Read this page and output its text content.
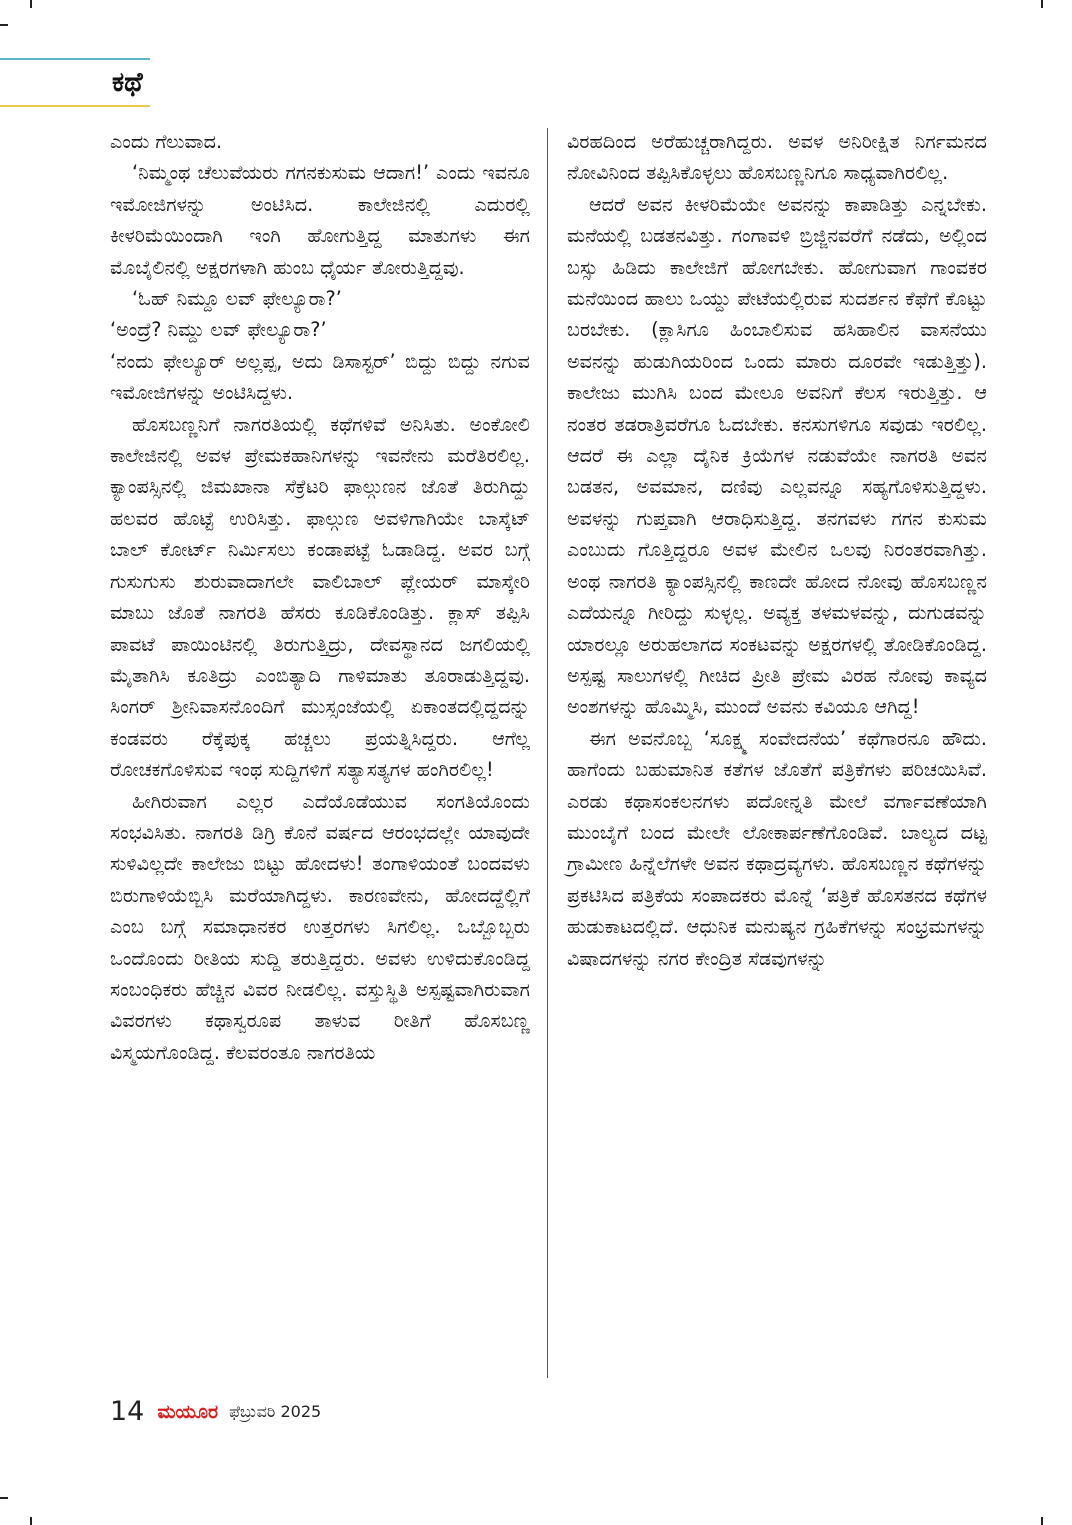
ಕಥೆ

ಎಂದು ಗೆಲುವಾದ.

‘ನಿಮ್ಮಂಥ ಚೆಲುವೆಯರು ಗಗನಕುಸುಮ ಆದಾಗ!’ ಎಂದು ಇವನೂ ಇಮೋಜಿಗಳನ್ನು ಅಂಟಿಸಿದ. ಕಾಲೇಜಿನಲ್ಲಿ ಎದುರಲ್ಲಿ ಕೀಳರಿಮೆಯಿಂದಾಗಿ ಇಂಗಿ ಹೋಗುತ್ತಿದ್ದ ಮಾತುಗಳು ಈಗ ಮೊಬೈಲಿನಲ್ಲಿ ಅಕ್ಷರಗಳಾಗಿ ಹುಂಬ ಧೈರ್ಯ ತೋರುತ್ತಿದ್ದವು.

‘ಓಹ್ ನಿಮ್ದೂ ಲವ್ ಫೇಲ್ಯೂರಾ?’

‘ಅಂದ್ರೆ? ನಿಮ್ದು ಲವ್ ಫೇಲ್ಯೂರಾ?’

‘ನಂದು ಫೇಲ್ಯೂರ್ ಅಲ್ಲಪ್ಪ, ಅದು ಡಿಸಾಸ್ಟರ್’ ಬಿದ್ದು ಬಿದ್ದು ನಗುವ ಇಮೋಜಿಗಳನ್ನು ಅಂಟಿಸಿದ್ದಳು.

ಹೊಸಬಣ್ಣನಿಗೆ ನಾಗರತಿಯಲ್ಲಿ ಕಥೆಗಳಿವೆ ಅನಿಸಿತು. ಅಂಕೋಲಿ ಕಾಲೇಜಿನಲ್ಲಿ ಅವಳ ಪ್ರೇಮಕಹಾನಿಗಳನ್ನು ಇವನೇನು ಮರೆತಿರಲಿಲ್ಲ. ಕ್ಯಾಂಪಸ್ಸಿನಲ್ಲಿ ಜಿಮಖಾನಾ ಸೆಕ್ರೆಟರಿ ಫಾಲ್ಗುಣನ ಜೊತೆ ತಿರುಗಿದ್ದು ಹಲವರ ಹೊಟ್ಟೆ ಉರಿಸಿತ್ತು. ಫಾಲ್ಗುಣ ಅವಳಿಗಾಗಿಯೇ ಬಾಸ್ಕೆಟ್ ಬಾಲ್ ಕೋರ್ಟ್ ನಿರ್ಮಿಸಲು ಕಂಡಾಪಟ್ಟೆ ಓಡಾಡಿದ್ದ. ಅವರ ಬಗ್ಗೆ ಗುಸುಗುಸು ಶುರುವಾದಾಗಲೇ ವಾಲಿಬಾಲ್ ಪ್ಲೇಯರ್ ಮಾಸ್ಕೇರಿ ಮಾಬು ಜೊತೆ ನಾಗರತಿ ಹೆಸರು ಕೂಡಿಕೊಂಡಿತ್ತು. ಕ್ಲಾಸ್ ತಪ್ಪಿಸಿ ಪಾವಟೆ ಪಾಯಿಂಟಿನಲ್ಲಿ ತಿರುಗುತ್ತಿದ್ರು, ದೇವಸ್ಥಾನದ ಜಗಲಿಯಲ್ಲಿ ಮೈತಾಗಿಸಿ ಕೂತಿದ್ರು ಎಂಬಿತ್ಯಾದಿ ಗಾಳಿಮಾತು ತೂರಾಡುತ್ತಿದ್ದವು. ಸಿಂಗರ್ ಶ್ರೀನಿವಾಸನೊಂದಿಗೆ ಮುಸ್ಸಂಜೆಯಲ್ಲಿ ಏಕಾಂತದಲ್ಲಿದ್ದದನ್ನು ಕಂಡವರು ರೆಕ್ಕೆಪುಕ್ಕ ಹಚ್ಚಲು ಪ್ರಯತ್ನಿಸಿದ್ದರು. ಆಗೆಲ್ಲ ರೋಚಕಗೊಳಿಸುವ ಇಂಥ ಸುದ್ದಿಗಳಿಗೆ ಸತ್ಯಾಸತ್ಯಗಳ ಹಂಗಿರಲಿಲ್ಲ!

ಹೀಗಿರುವಾಗ ಎಲ್ಲರ ಎದೆಯೊಡೆಯುವ ಸಂಗತಿಯೊಂದು ಸಂಭವಿಸಿತು. ನಾಗರತಿ ಡಿಗ್ರಿ ಕೊನೆ ವರ್ಷದ ಆರಂಭದಲ್ಲೇ ಯಾವುದೇ ಸುಳಿವಿಲ್ಲದೇ ಕಾಲೇಜು ಬಿಟ್ಟು ಹೋದಳು! ತಂಗಾಳಿಯಂತೆ ಬಂದವಳು ಬಿರುಗಾಳಿಯೆಬ್ಬಿಸಿ ಮರೆಯಾಗಿದ್ದಳು. ಕಾರಣವೇನು, ಹೋದದ್ದೆಲ್ಲಿಗೆ ಎಂಬ ಬಗ್ಗೆ ಸಮಾಧಾನಕರ ಉತ್ತರಗಳು ಸಿಗಲಿಲ್ಲ. ಒಬ್ಬೊಬ್ಬರು ಒಂದೊಂದು ರೀತಿಯ ಸುದ್ದಿ ತರುತ್ತಿದ್ದರು. ಅವಳು ಉಳಿದುಕೊಂಡಿದ್ದ ಸಂಬಂಧಿಕರು ಹೆಚ್ಚಿನ ವಿವರ ನೀಡಲಿಲ್ಲ. ವಸ್ತುಸ್ಥಿತಿ ಅಸ್ಪಷ್ಟವಾಗಿರುವಾಗ ವಿವರಗಳು ಕಥಾಸ್ವರೂಪ ತಾಳುವ ರೀತಿಗೆ ಹೊಸಬಣ್ಣ ವಿಸ್ಮಯಗೊಂಡಿದ್ದ. ಕೆಲವರಂತೂ ನಾಗರತಿಯ

ವಿರಹದಿಂದ ಅರೆಹುಚ್ಚರಾಗಿದ್ದರು. ಅವಳ ಅನಿರೀಕ್ಷಿತ ನಿರ್ಗಮನದ ನೋವಿನಿಂದ ತಪ್ಪಿಸಿಕೊಳ್ಳಲು ಹೊಸಬಣ್ಣನಿಗೂ ಸಾಧ್ಯವಾಗಿರಲಿಲ್ಲ.

ಆದರೆ ಅವನ ಕೀಳರಿಮೆಯೇ ಅವನನ್ನು ಕಾಪಾಡಿತ್ತು ಎನ್ನಬೇಕು. ಮನೆಯಲ್ಲಿ ಬಡತನವಿತ್ತು. ಗಂಗಾವಳಿ ಬ್ರಿಜ್ಜಿನವರೆಗೆ ನಡೆದು, ಅಲ್ಲಿಂದ ಬಸ್ಸು ಹಿಡಿದು ಕಾಲೇಜಿಗೆ ಹೋಗಬೇಕು. ಹೋಗುವಾಗ ಗಾಂವಕರ ಮನೆಯಿಂದ ಹಾಲು ಒಯ್ದು ಪೇಟೆಯಲ್ಲಿರುವ ಸುದರ್ಶನ ಕೆಫೆಗೆ ಕೊಟ್ಟು ಬರಬೇಕು. (ಕ್ಲಾಸಿಗೂ ಹಿಂಬಾಲಿಸುವ ಹಸಿಹಾಲಿನ ವಾಸನೆಯು ಅವನನ್ನು ಹುಡುಗಿಯರಿಂದ ಒಂದು ಮಾರು ದೂರವೇ ಇಡುತ್ತಿತ್ತು). ಕಾಲೇಜು ಮುಗಿಸಿ ಬಂದ ಮೇಲೂ ಅವನಿಗೆ ಕೆಲಸ ಇರುತ್ತಿತ್ತು. ಆ ನಂತರ ತಡರಾತ್ರಿವರೆಗೂ ಓದಬೇಕು. ಕನಸುಗಳಿಗೂ ಸವುಡು ಇರಲಿಲ್ಲ. ಆದರೆ ಈ ಎಲ್ಲಾ ದೈನಿಕ ಕ್ರಿಯೆಗಳ ನಡುವೆಯೇ ನಾಗರತಿ ಅವನ ಬಡತನ, ಅವಮಾನ, ದಣಿವು ಎಲ್ಲವನ್ನೂ ಸಹ್ಯಗೊಳಿಸುತ್ತಿದ್ದಳು. ಅವಳನ್ನು ಗುಪ್ತವಾಗಿ ಆರಾಧಿಸುತ್ತಿದ್ದ. ತನಗವಳು ಗಗನ ಕುಸುಮ ಎಂಬುದು ಗೊತ್ತಿದ್ದರೂ ಅವಳ ಮೇಲಿನ ಒಲವು ನಿರಂತರವಾಗಿತ್ತು. ಅಂಥ ನಾಗರತಿ ಕ್ಯಾಂಪಸ್ಸಿನಲ್ಲಿ ಕಾಣದೇ ಹೋದ ನೋವು ಹೊಸಬಣ್ಣನ ಎದೆಯನ್ನೂ ಗೀರಿದ್ದು ಸುಳ್ಳಲ್ಲ. ಅವ್ಯಕ್ತ ತಳಮಳವನ್ನು, ದುಗುಡವನ್ನು ಯಾರಲ್ಲೂ ಅರುಹಲಾಗದ ಸಂಕಟವನ್ನು ಅಕ್ಷರಗಳಲ್ಲಿ ತೋಡಿಕೊಂಡಿದ್ದ. ಅಸ್ಪಷ್ಟ ಸಾಲುಗಳಲ್ಲಿ ಗೀಚಿದ ಪ್ರೀತಿ ಪ್ರೇಮ ವಿರಹ ನೋವು ಕಾವ್ಯದ ಅಂಶಗಳನ್ನು ಹೊಮ್ಮಿಸಿ, ಮುಂದೆ ಅವನು ಕವಿಯೂ ಆಗಿದ್ದ!

ಈಗ ಅವನೊಬ್ಬ ‘ಸೂಕ್ಷ್ಮ ಸಂವೇದನೆಯ’ ಕಥೆಗಾರನೂ ಹೌದು. ಹಾಗೆಂದು ಬಹುಮಾನಿತ ಕತೆಗಳ ಜೊತೆಗೆ ಪತ್ರಿಕೆಗಳು ಪರಿಚಯಿಸಿವೆ. ಎರಡು ಕಥಾಸಂಕಲನಗಳು ಪದೋನ್ನತಿ ಮೇಲೆ ವರ್ಗಾವಣೆಯಾಗಿ ಮುಂಬೈಗೆ ಬಂದ ಮೇಲೇ ಲೋಕಾರ್ಪಣೆಗೊಂಡಿವೆ. ಬಾಲ್ಯದ ದಟ್ಟ ಗ್ರಾಮೀಣ ಹಿನ್ನೆಲೆಗಳೇ ಅವನ ಕಥಾದ್ರವ್ಯಗಳು. ಹೊಸಬಣ್ಣನ ಕಥೆಗಳನ್ನು ಪ್ರಕಟಿಸಿದ ಪತ್ರಿಕೆಯ ಸಂಪಾದಕರು ಮೊನ್ನೆ ‘ಪತ್ರಿಕೆ ಹೊಸತನದ ಕಥೆಗಳ ಹುಡುಕಾಟದಲ್ಲಿದೆ. ಆಧುನಿಕ ಮನುಷ್ಯನ ಗ್ರಹಿಕೆಗಳನ್ನು ಸಂಭ್ರಮಗಳನ್ನು ವಿಷಾದಗಳನ್ನು ನಗರ ಕೇಂದ್ರಿತ ಸೆಡವುಗಳನ್ನು

14 ಮಯೂರ ಫೆಬ್ರುವರಿ 2025
